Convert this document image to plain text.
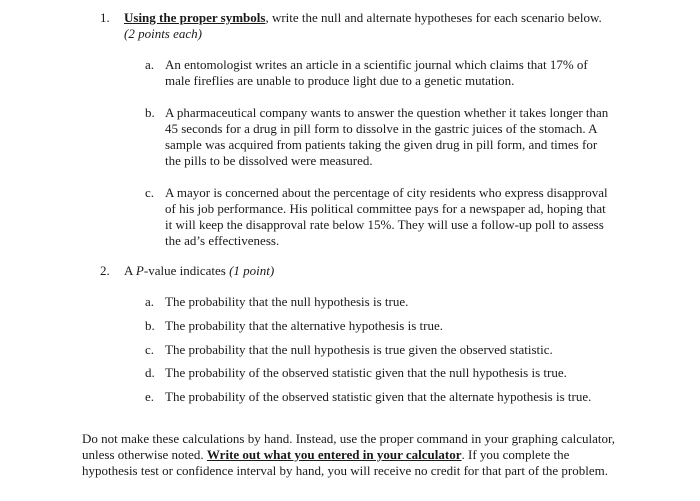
1. Using the proper symbols, write the null and alternate hypotheses for each scenario below. (2 points each)
a. An entomologist writes an article in a scientific journal which claims that 17% of male fireflies are unable to produce light due to a genetic mutation.
b. A pharmaceutical company wants to answer the question whether it takes longer than 45 seconds for a drug in pill form to dissolve in the gastric juices of the stomach. A sample was acquired from patients taking the given drug in pill form, and times for the pills to be dissolved were measured.
c. A mayor is concerned about the percentage of city residents who express disapproval of his job performance. His political committee pays for a newspaper ad, hoping that it will keep the disapproval rate below 15%. They will use a follow-up poll to assess the ad’s effectiveness.
2. A P-value indicates (1 point)
a. The probability that the null hypothesis is true.
b. The probability that the alternative hypothesis is true.
c. The probability that the null hypothesis is true given the observed statistic.
d. The probability of the observed statistic given that the null hypothesis is true.
e. The probability of the observed statistic given that the alternate hypothesis is true.
Do not make these calculations by hand. Instead, use the proper command in your graphing calculator, unless otherwise noted. Write out what you entered in your calculator. If you complete the hypothesis test or confidence interval by hand, you will receive no credit for that part of the problem.
